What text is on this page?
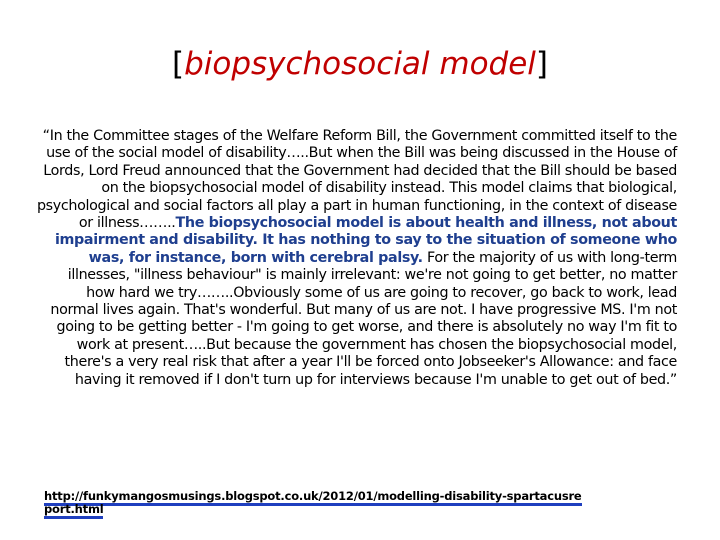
[biopsychosocial model]
“In the Committee stages of the Welfare Reform Bill, the Government committed itself to the use of the social model of disability…..But when the Bill was being discussed in the House of Lords, Lord Freud announced that the Government had decided that the Bill should be based on the biopsychosocial model of disability instead. This model claims that biological, psychological and social factors all play a part in human functioning, in the context of disease or illness……..The biopsychosocial model is about health and illness, not about impairment and disability. It has nothing to say to the situation of someone who was, for instance, born with cerebral palsy. For the majority of us with long-term illnesses, "illness behaviour" is mainly irrelevant: we're not going to get better, no matter how hard we try……..Obviously some of us are going to recover, go back to work, lead normal lives again. That's wonderful. But many of us are not. I have progressive MS. I'm not going to be getting better - I'm going to get worse, and there is absolutely no way I'm fit to work at present…..But because the government has chosen the biopsychosocial model, there's a very real risk that after a year I'll be forced onto Jobseeker's Allowance: and face having it removed if I don't turn up for interviews because I'm unable to get out of bed.”
http://funkymangosmusings.blogspot.co.uk/2012/01/modelling-disability-spartacusreport.html
